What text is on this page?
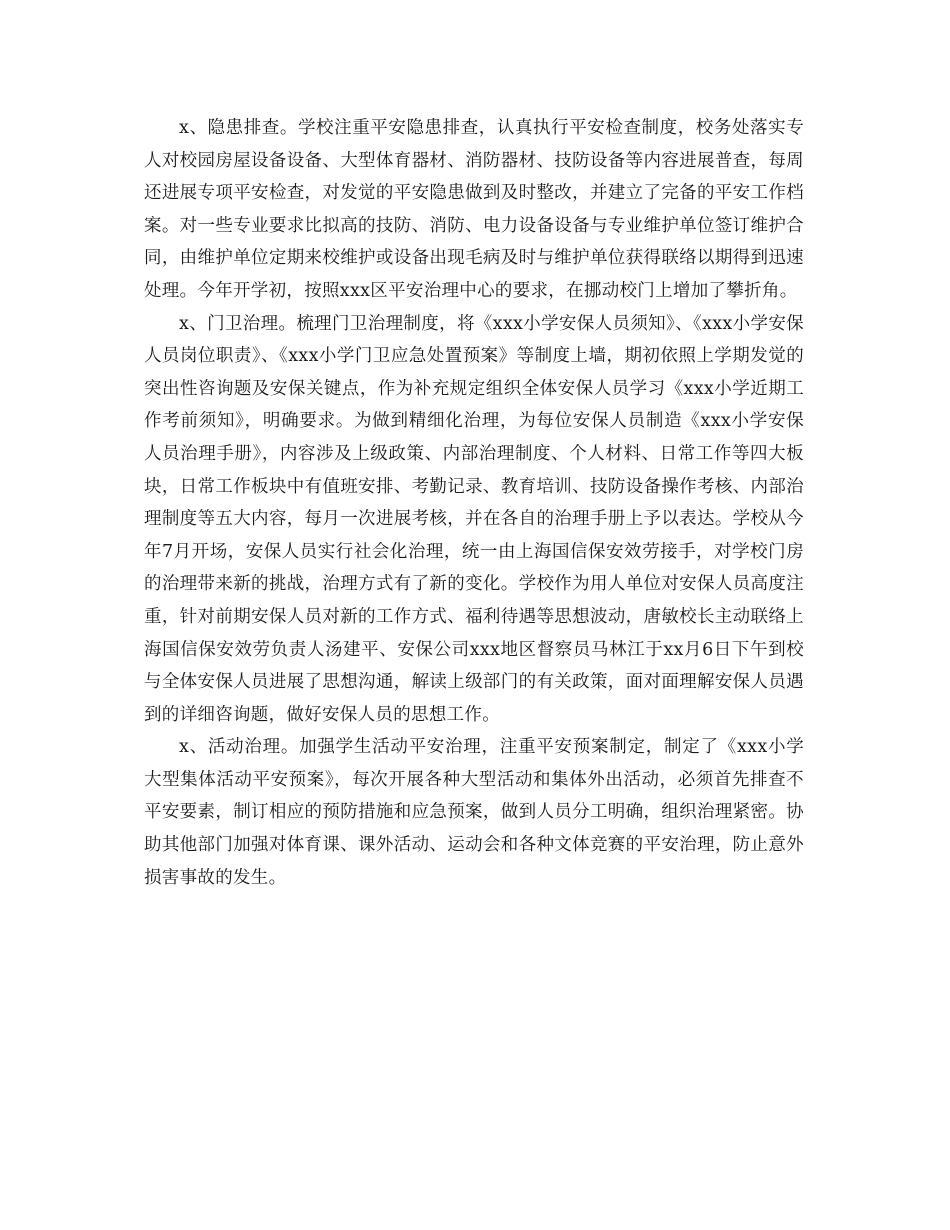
x、隐患排查。学校注重平安隐患排查，认真执行平安检查制度，校务处落实专人对校园房屋设备设备、大型体育器材、消防器材、技防设备等内容进展普查，每周还进展专项平安检查，对发觉的平安隐患做到及时整改，并建立了完备的平安工作档案。对一些专业要求比拟高的技防、消防、电力设备设备与专业维护单位签订维护合同，由维护单位定期来校维护或设备出现毛病及时与维护单位获得联络以期得到迅速处理。今年开学初，按照xxx区平安治理中心的要求，在挪动校门上增加了攀折角。

x、门卫治理。梳理门卫治理制度，将《xxx小学安保人员须知》、《xxx小学安保人员岗位职责》、《xxx小学门卫应急处置预案》等制度上墙，期初依照上学期发觉的突出性咨询题及安保关键点，作为补充规定组织全体安保人员学习《xxx小学近期工作考前须知》，明确要求。为做到精细化治理，为每位安保人员制造《xxx小学安保人员治理手册》，内容涉及上级政策、内部治理制度、个人材料、日常工作等四大板块，日常工作板块中有值班安排、考勤记录、教育培训、技防设备操作考核、内部治理制度等五大内容，每月一次进展考核，并在各自的治理手册上予以表达。学校从今年7月开场，安保人员实行社会化治理，统一由上海国信保安效劳接手，对学校门房的治理带来新的挑战，治理方式有了新的变化。学校作为用人单位对安保人员高度注重，针对前期安保人员对新的工作方式、福利待遇等思想波动，唐敏校长主动联络上海国信保安效劳负责人汤建平、安保公司xxx地区督察员马林江于xx月6日下午到校与全体安保人员进展了思想沟通，解读上级部门的有关政策，面对面理解安保人员遇到的详细咨询题，做好安保人员的思想工作。

x、活动治理。加强学生活动平安治理，注重平安预案制定，制定了《xxx小学大型集体活动平安预案》，每次开展各种大型活动和集体外出活动，必须首先排查不平安要素，制订相应的预防措施和应急预案，做到人员分工明确，组织治理紧密。协助其他部门加强对体育课、课外活动、运动会和各种文体竞赛的平安治理，防止意外损害事故的发生。
